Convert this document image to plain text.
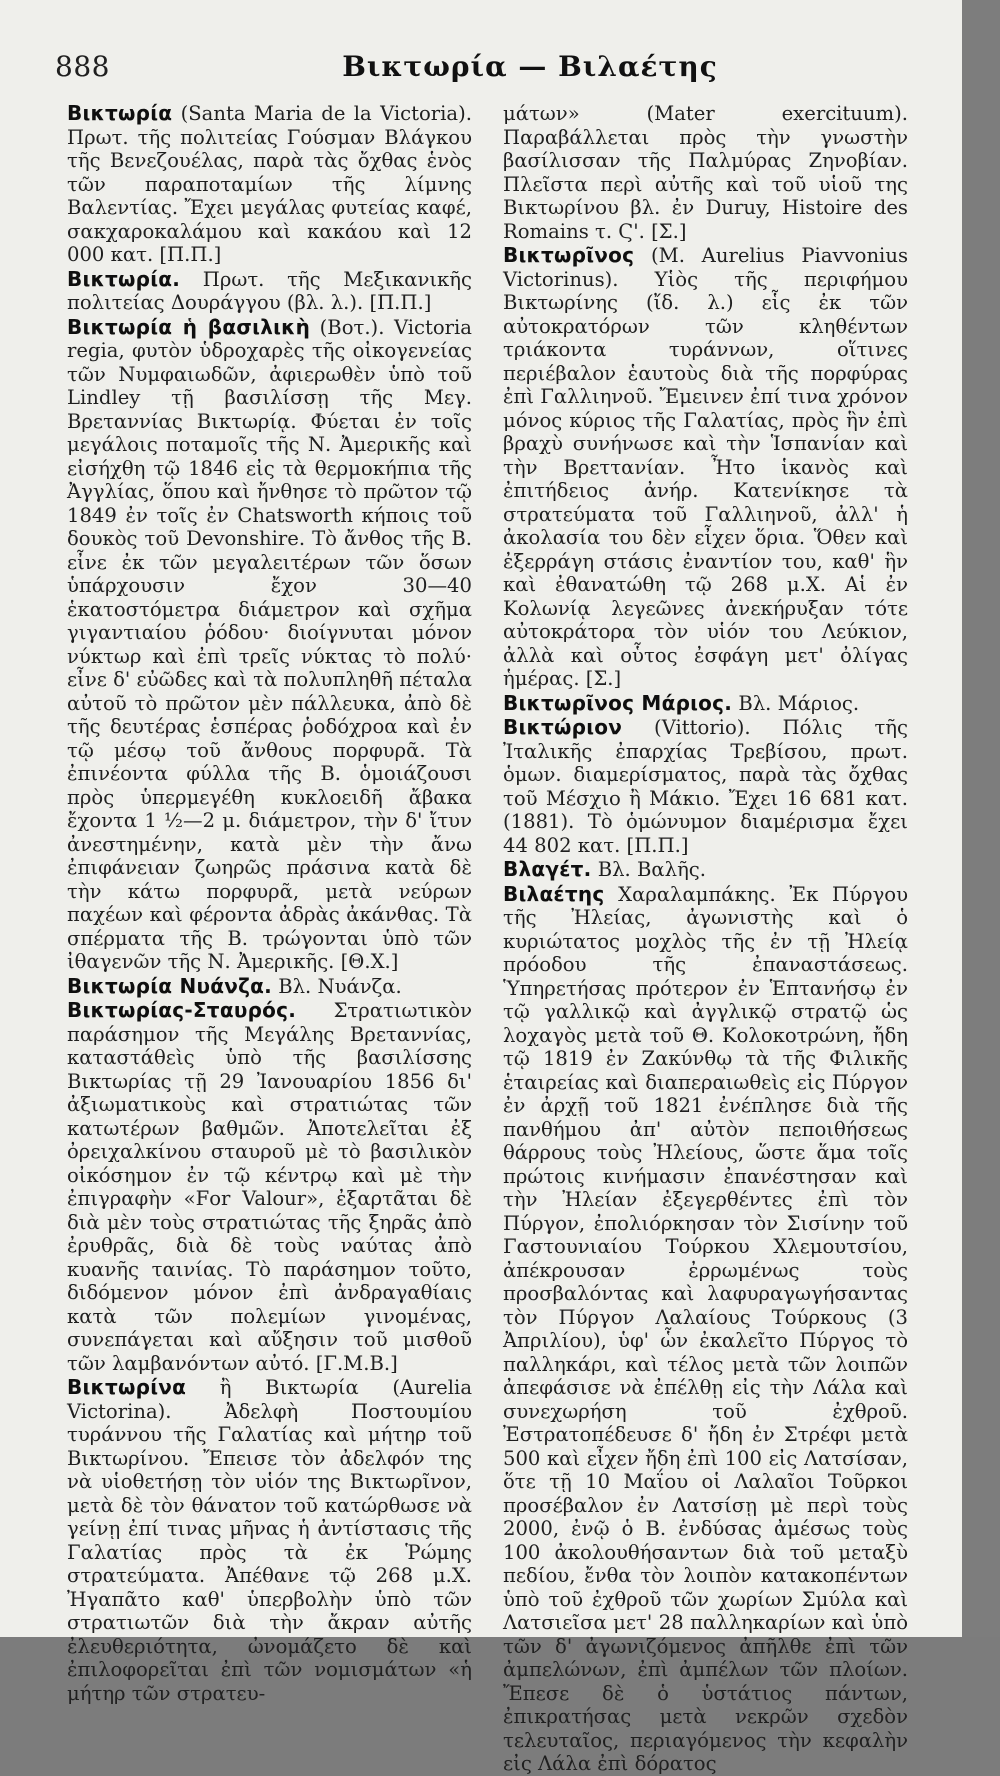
888	Βικτωρία — Βιλαέτης

Βικτωρία (Santa Maria de la Victoria). Πρωτ. τῆς πολιτείας Γούσμαν Βλάγκου τῆς Βενεζουέλας, παρὰ τὰς ὄχθας ἑνὸς τῶν παραποταμίων τῆς λίμνης Βαλεντίας. Ἔχει μεγάλας φυτείας καφέ, σακχαροκαλάμου καὶ κακάου καὶ 12 000 κατ. [Π.Π.]

Βικτωρία. Πρωτ. τῆς Μεξικανικῆς πολιτείας Δουράγγου (βλ. λ.). [Π.Π.]

Βικτωρία ἡ βασιλικὴ (Βοτ.). Victoria regia, φυτὸν ὑδροχαρὲς τῆς οἰκογενείας τῶν Νυμφαιωδῶν, ἀφιερωθὲν ὑπὸ τοῦ Lindley τῇ βασιλίσσῃ τῆς Μεγ. Βρεταννίας Βικτωρίᾳ. Φύεται ἐν τοῖς μεγάλοις ποταμοῖς τῆς Ν. Ἀμερικῆς καὶ εἰσήχθη τῷ 1846 εἰς τὰ θερμοκήπια τῆς Ἀγγλίας, ὅπου καὶ ἤνθησε τὸ πρῶτον τῷ 1849 ἐν τοῖς ἐν Chatsworth κήποις τοῦ δουκὸς τοῦ Devonshire. Τὸ ἄνθος τῆς Β. εἶνε ἐκ τῶν μεγαλειτέρων τῶν ὅσων ὑπάρχουσιν ἔχον 30—40 ἑκατοστόμετρα διάμετρον καὶ σχῆμα γιγαντιαίου ῥόδου· διοίγνυται μόνον νύκτωρ καὶ ἐπὶ τρεῖς νύκτας τὸ πολύ· εἶνε δ' εὐῶδες καὶ τὰ πολυπληθῆ πέταλα αὐτοῦ τὸ πρῶτον μὲν πάλλευκα, ἀπὸ δὲ τῆς δευτέρας ἑσπέρας ῥοδόχροα καὶ ἐν τῷ μέσῳ τοῦ ἄνθους πορφυρᾶ. Τὰ ἐπινέοντα φύλλα τῆς Β. ὁμοιάζουσι πρὸς ὑπερμεγέθη κυκλοειδῆ ἄβακα ἔχοντα 1 ½—2 μ. διάμετρον, τὴν δ' ἴτυν ἀνεστημένην, κατὰ μὲν τὴν ἄνω ἐπιφάνειαν ζωηρῶς πράσινα κατὰ δὲ τὴν κάτω πορφυρᾶ, μετὰ νεύρων παχέων καὶ φέροντα ἀδρὰς ἀκάνθας. Τὰ σπέρματα τῆς Β. τρώγονται ὑπὸ τῶν ἰθαγενῶν τῆς Ν. Ἀμερικῆς. [Θ.Χ.]

Βικτωρία Νυάνζα. Βλ. Νυάνζα.

Βικτωρίας-Σταυρός. Στρατιωτικὸν παράσημον τῆς Μεγάλης Βρεταννίας, καταστάθεὶς ὑπὸ τῆς βασιλίσσης Βικτωρίας τῇ 29 Ἰανουαρίου 1856 δι' ἀξιωματικοὺς καὶ στρατιώτας τῶν κατωτέρων βαθμῶν. Ἀποτελεῖται ἐξ ὀρειχαλκίνου σταυροῦ μὲ τὸ βασιλικὸν οἰκόσημον ἐν τῷ κέντρῳ καὶ μὲ τὴν ἐπιγραφὴν «Fοr Valour», ἐξαρτᾶται δὲ διὰ μὲν τοὺς στρατιώτας τῆς ξηρᾶς ἀπὸ ἐρυθρᾶς, διὰ δὲ τοὺς ναύτας ἀπὸ κυανῆς ταινίας. Τὸ παράσημον τοῦτο, διδόμενον μόνον ἐπὶ ἀνδραγαθίαις κατὰ τῶν πολεμίων γινομένας, συνεπάγεται καὶ αὔξησιν τοῦ μισθοῦ τῶν λαμβανόντων αὐτό. [Γ.Μ.Β.]

Βικτωρίνα ἢ Βικτωρία (Aurelia Victorina). Ἀδελφὴ Ποστουμίου τυράννου τῆς Γαλατίας καὶ μήτηρ τοῦ Βικτωρίνου. Ἔπεισε τὸν ἀδελφόν της νὰ υἱοθετήσῃ τὸν υἱόν της Βικτωρῖνον, μετὰ δὲ τὸν θάνατον τοῦ κατώρθωσε νὰ γείνῃ ἐπί τινας μῆνας ἡ ἀντίστασις τῆς Γαλατίας πρὸς τὰ ἐκ Ῥώμης στρατεύματα. Ἀπέθανε τῷ 268 μ.Χ. Ἠγαπᾶτο καθ' ὑπερβολὴν ὑπὸ τῶν στρατιωτῶν διὰ τὴν ἄκραν αὐτῆς ἐλευθεριότητα, ὠνομάζετο δὲ καὶ ἐπιλοφορεῖται ἐπὶ τῶν νομισμάτων «ἡ μήτηρ τῶν στρατευ-

μάτων» (Mater exercituum). Παραβάλλεται πρὸς τὴν γνωστὴν βασίλισσαν τῆς Παλμύρας Ζηνοβίαν. Πλεῖστα περὶ αὐτῆς καὶ τοῦ υἱοῦ της Βικτωρίνου βλ. ἐν Duruy, Histoire des Romains τ. Ϛ'. [Σ.]

Βικτωρῖνος (Μ. Aurelius Piavvonius Victorinus). Υἱὸς τῆς περιφήμου Βικτωρίνης (ἴδ. λ.) εἷς ἐκ τῶν αὐτοκρατόρων τῶν κληθέντων τριάκοντα τυράννων, οἵτινες περιέβαλον ἑαυτοὺς διὰ τῆς πορφύρας ἐπὶ Γαλλιηνοῦ. Ἔμεινεν ἐπί τινα χρόνον μόνος κύριος τῆς Γαλατίας, πρὸς ἣν ἐπὶ βραχὺ συνήνωσε καὶ τὴν Ἱσπανίαν καὶ τὴν Βρεττανίαν. Ἦτο ἱκανὸς καὶ ἐπιτήδειος ἀνήρ. Κατενίκησε τὰ στρατεύματα τοῦ Γαλλιηνοῦ, ἀλλ' ἡ ἀκολασία του δὲν εἶχεν ὅρια. Ὅθεν καὶ ἐξερράγη στάσις ἐναντίον του, καθ' ἣν καὶ ἐθανατώθη τῷ 268 μ.Χ. Αἱ ἐν Κολωνίᾳ λεγεῶνες ἀνεκήρυξαν τότε αὐτοκράτορα τὸν υἱόν του Λεύκιον, ἀλλὰ καὶ οὗτος ἐσφάγη μετ' ὀλίγας ἡμέρας. [Σ.]

Βικτωρῖνος Μάριος. Βλ. Μάριος.

Βικτώριον (Vittorio). Πόλις τῆς Ἰταλικῆς ἐπαρχίας Τρεβίσου, πρωτ. ὁμων. διαμερίσματος, παρὰ τὰς ὄχθας τοῦ Μέσχιο ἢ Μάκιο. Ἔχει 16 681 κατ. (1881). Τὸ ὁμώνυμον διαμέρισμα ἔχει 44 802 κατ. [Π.Π.]

Βλαγέτ. Βλ. Βαλῆς.

Βιλαέτης Χαραλαμπάκης. Ἐκ Πύργου τῆς Ἠλείας, ἀγωνιστὴς καὶ ὁ κυριώτατος μοχλὸς τῆς ἐν τῇ Ἠλείᾳ πρόοδου τῆς ἐπαναστάσεως. Ὑπηρετήσας πρότερον ἐν Ἑπτανήσῳ ἐν τῷ γαλλικῷ καὶ ἀγγλικῷ στρατῷ ὡς λοχαγὸς μετὰ τοῦ Θ. Κολοκοτρώνη, ἤδη τῷ 1819 ἐν Ζακύνθῳ τὰ τῆς Φιλικῆς ἑταιρείας καὶ διαπεραιωθεὶς εἰς Πύργον ἐν ἀρχῇ τοῦ 1821 ἐνέπλησε διὰ τῆς πανθήμου ἀπ' αὐτὸν πεποιθήσεως θάρρους τοὺς Ἠλείους, ὥστε ἅμα τοῖς πρώτοις κινήμασιν ἐπανέστησαν καὶ τὴν Ἠλείαν ἐξεγερθέντες ἐπὶ τὸν Πύργον, ἐπολιόρκησαν τὸν Σισίνην τοῦ Γαστουνιαίου Τούρκου Χλεμουτσίου, ἀπέκρουσαν ἐρρωμένως τοὺς προσβαλόντας καὶ λαφυραγωγήσαντας τὸν Πύργον Λαλαίους Τούρκους (3 Ἀπριλίου), ὑφ' ὧν ἐκαλεῖτο Πύργος τὸ παλληκάρι, καὶ τέλος μετὰ τῶν λοιπῶν ἀπεφάσισε νὰ ἐπέλθῃ εἰς τὴν Λάλα καὶ συνεχωρήση τοῦ ἐχθροῦ. Ἐστρατοπέδευσε δ' ἤδη ἐν Στρέφι μετὰ 500 καὶ εἶχεν ἤδη ἐπὶ 100 εἰς Λατσίσαν, ὅτε τῇ 10 Μαΐου οἱ Λαλαῖοι Τοῦρκοι προσέβαλον ἐν Λατσίσῃ μὲ περὶ τοὺς 2000, ἐνῷ ὁ Β. ἐνδύσας ἀμέσως τοὺς 100 ἀκολουθήσαντων διὰ τοῦ μεταξὺ πεδίου, ἔνθα τὸν λοιπὸν κατακοπέντων ὑπὸ τοῦ ἐχθροῦ τῶν χωρίων Σμύλα καὶ Λατσιεῖσα μετ' 28 παλληκαρίων καὶ ὑπὸ τῶν δ' ἀγωνιζόμενος ἀπῆλθε ἐπὶ τῶν ἀμπελώνων, ἐπὶ ἀμπέλων τῶν πλοίων. Ἔπεσε δὲ ὁ ὑστάτιος πάντων, ἐπικρατήσας μετὰ νεκρῶν σχεδὸν τελευταῖος, περιαγόμενος τὴν κεφαλὴν εἰς Λάλα ἐπὶ δόρατος
